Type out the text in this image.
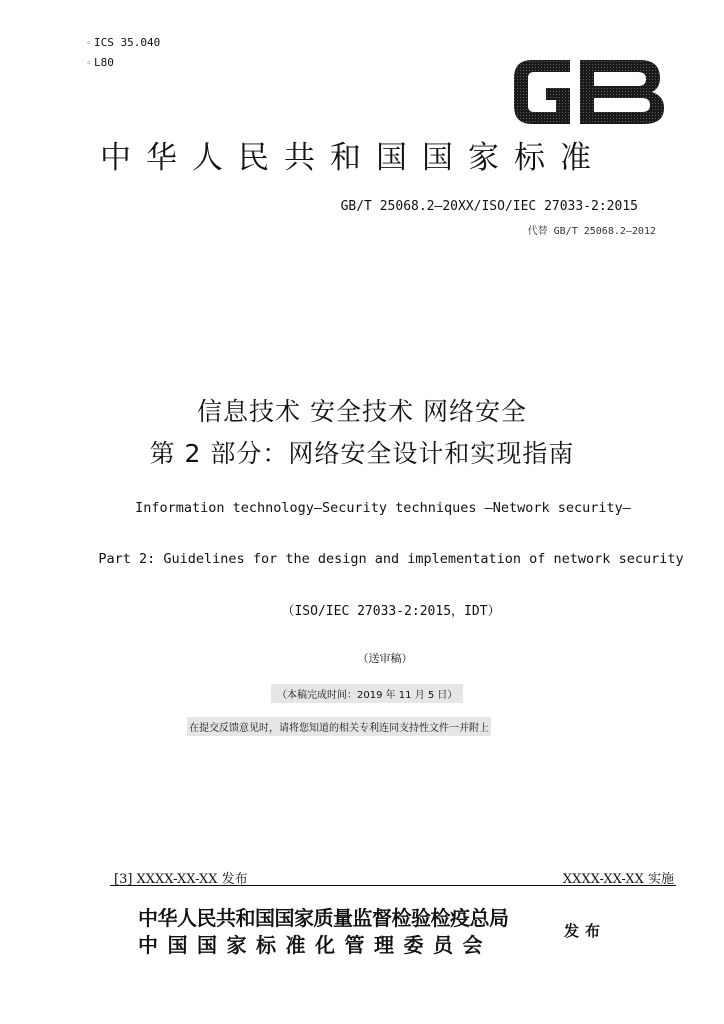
◦ ICS 35.040
◦ L80
中华人民共和国国家标准
GB/T 25068.2—20XX/ISO/IEC 27033-2:2015
代替 GB/T 25068.2—2012
信息技术 安全技术 网络安全
第 2 部分：网络安全设计和实现指南
Information technology—Security techniques —Network security—
Part 2: Guidelines for the design and implementation of network security
（ISO/IEC 27033-2:2015，IDT）
（送审稿）
（本稿完成时间：2019 年 11 月 5 日）
在提交反馈意见时，请将您知道的相关专利连同支持性文件一并附上
[3] XXXX-XX-XX 发布	XXXX-XX-XX 实施
中华人民共和国国家质量监督检验检疫总局
中国国家标准化管理委员会
发布
